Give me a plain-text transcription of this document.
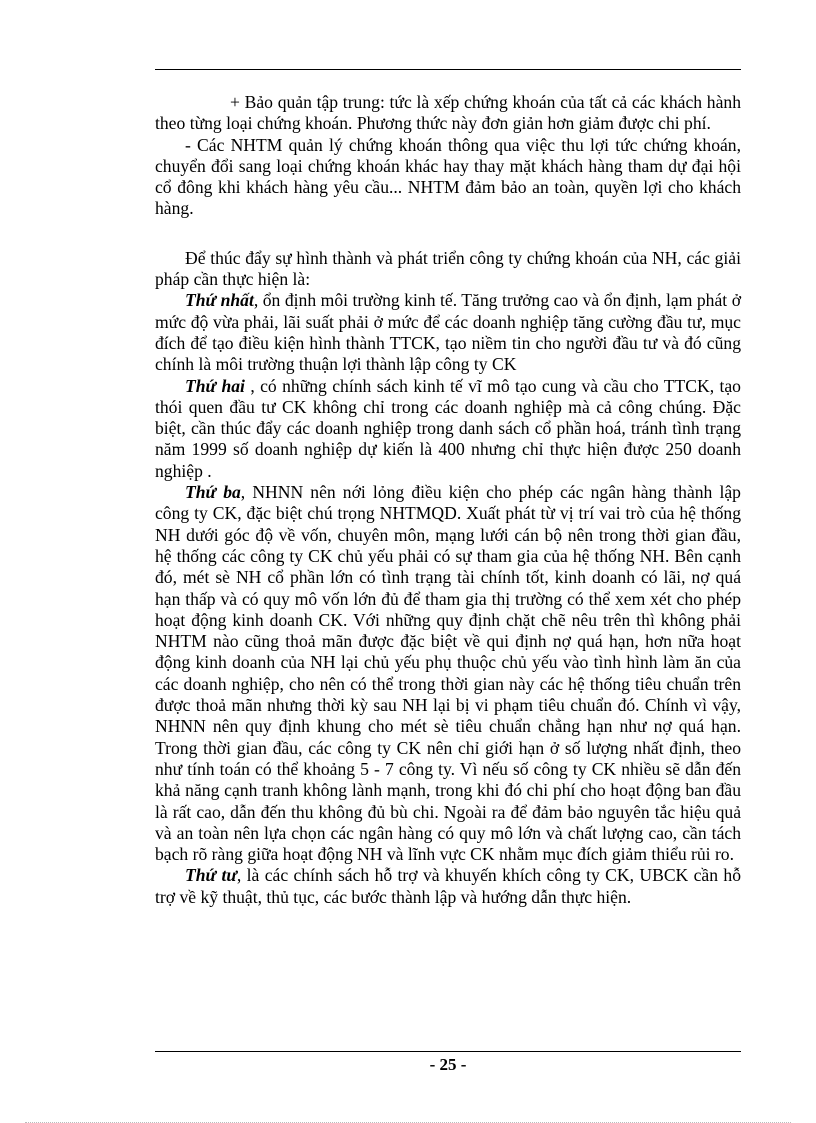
+ Bảo quản tập trung: tức là xếp chứng khoán của tất cả các khách hành theo từng loại chứng khoán. Phương thức này đơn giản hơn giảm được chi phí.

- Các NHTM quản lý chứng khoán thông qua việc thu lợi tức chứng khoán, chuyển đổi sang loại chứng khoán khác hay thay mặt khách hàng tham dự đại hội cổ đông khi khách hàng yêu cầu... NHTM đảm bảo an toàn, quyền lợi cho khách hàng.

Để thúc đẩy sự hình thành và phát triển công ty chứng khoán của NH, các giải pháp cần thực hiện là:

Thứ nhất, ổn định môi trường kinh tế. Tăng trưởng cao và ổn định, lạm phát ở mức độ vừa phải, lãi suất phải ở mức để các doanh nghiệp tăng cường đầu tư, mục đích để tạo điều kiện hình thành TTCK, tạo niềm tin cho người đầu tư và đó cũng chính là môi trường thuận lợi thành lập công ty CK

Thứ hai , có những chính sách kinh tế vĩ mô tạo cung và cầu cho TTCK, tạo thói quen đầu tư CK không chỉ trong các doanh nghiệp mà cả công chúng. Đặc biệt, cần thúc đẩy các doanh nghiệp trong danh sách cổ phần hoá, tránh tình trạng năm 1999 số doanh nghiệp dự kiến là 400 nhưng chỉ thực hiện được 250 doanh nghiệp .

Thứ ba, NHNN nên nới lỏng điều kiện cho phép các ngân hàng thành lập công ty CK, đặc biệt chú trọng NHTMQD. Xuất phát từ vị trí vai trò của hệ thống NH dưới góc độ về vốn, chuyên môn, mạng lưới cán bộ nên trong thời gian đầu, hệ thống các công ty CK chủ yếu phải có sự tham gia của hệ thống NH. Bên cạnh đó, mét sè NH cổ phần lớn có tình trạng tài chính tốt, kinh doanh có lãi, nợ quá hạn thấp và có quy mô vốn lớn đủ để tham gia thị trường có thể xem xét cho phép hoạt động kinh doanh CK. Với những quy định chặt chẽ nêu trên thì không phải NHTM nào cũng thoả mãn được đặc biệt về qui định nợ quá hạn, hơn nữa hoạt động kinh doanh của NH lại chủ yếu phụ thuộc chủ yếu vào tình hình làm ăn của các doanh nghiệp, cho nên có thể trong thời gian này các hệ thống tiêu chuẩn trên được thoả mãn nhưng thời kỳ sau NH lại bị vi phạm tiêu chuẩn đó. Chính vì vậy, NHNN nên quy định khung cho mét sè tiêu chuẩn chẳng hạn như nợ quá hạn. Trong thời gian đầu, các công ty CK nên chỉ giới hạn ở số lượng nhất định, theo như tính toán có thể khoảng 5 - 7 công ty. Vì nếu số công ty CK nhiều sẽ dẫn đến khả năng cạnh tranh không lành mạnh, trong khi đó chi phí cho hoạt động ban đầu là rất cao, dẫn đến thu không đủ bù chi. Ngoài ra để đảm bảo nguyên tắc hiệu quả và an toàn nên lựa chọn các ngân hàng có quy mô lớn và chất lượng cao, cần tách bạch rõ ràng giữa hoạt động NH và lĩnh vực CK nhằm mục đích giảm thiểu rủi ro.

Thứ tư, là các chính sách hỗ trợ và khuyến khích công ty CK, UBCK cần hỗ trợ về kỹ thuật, thủ tục, các bước thành lập và hướng dẫn thực hiện.

- 25 -
